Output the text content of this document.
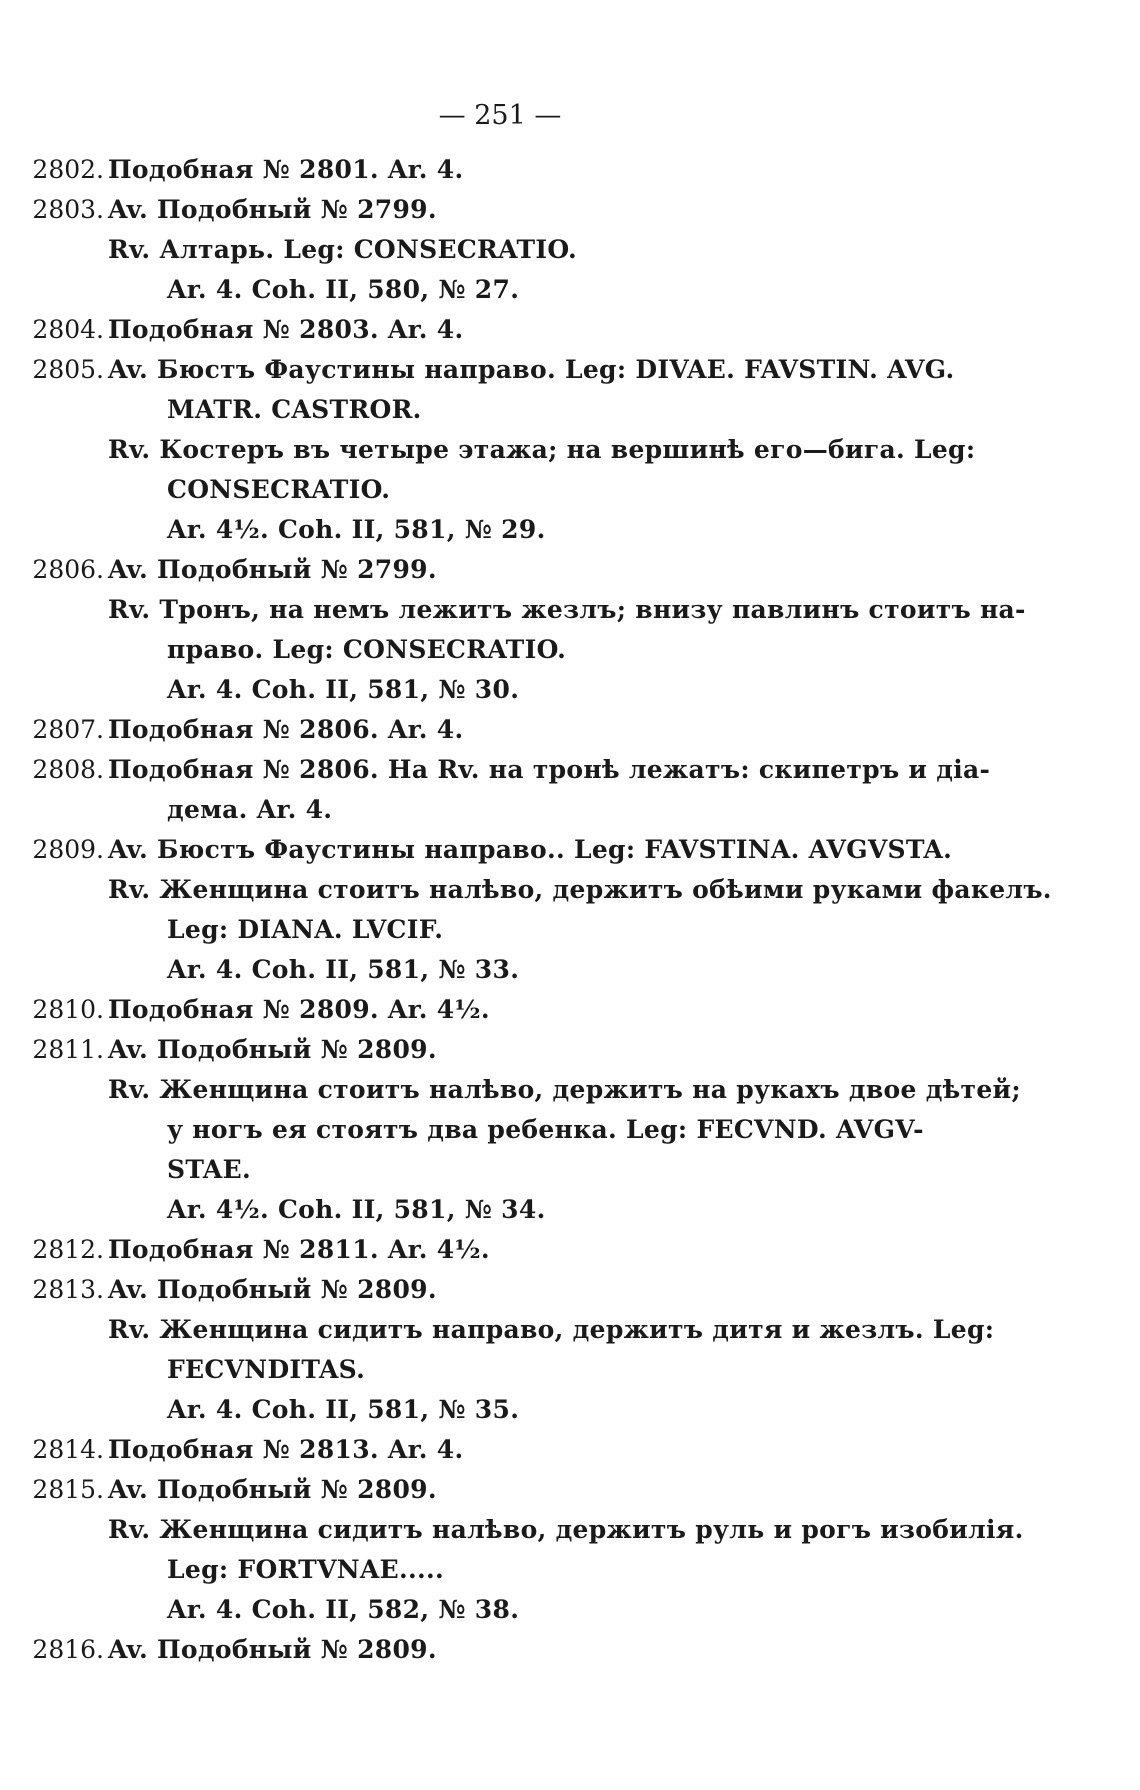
— 251 —
2802. Подобная № 2801. Ar. 4.
2803. Av. Подобный № 2799.
Rv. Алтарь. Leg: CONSECRATIO.
Ar. 4. Coh. II, 580, № 27.
2804. Подобная № 2803. Ar. 4.
2805. Av. Бюстъ Фаустины направо. Leg: DIVAE. FAVSTIN. AVG.
MATR. CASTROR.
Rv. Костеръ въ четыре этажа; на вершинѣ его—бига. Leg:
CONSECRATIO.
Ar. 4½. Coh. II, 581, № 29.
2806. Av. Подобный № 2799.
Rv. Тронъ, на немъ лежитъ жезлъ; внизу павлинъ стоитъ на-
право. Leg: CONSECRATIO.
Ar. 4. Coh. II, 581, № 30.
2807. Подобная № 2806. Ar. 4.
2808. Подобная № 2806. На Rv. на тронѣ лежатъ: скипетръ и діа-
дема. Ar. 4.
2809. Av. Бюстъ Фаустины направо.. Leg: FAVSTINA. AVGVSTA.
Rv. Женщина стоитъ налѣво, держитъ обѣими руками факелъ.
Leg: DIANA. LVCIF.
Ar. 4. Coh. II, 581, № 33.
2810. Подобная № 2809. Ar. 4½.
2811. Av. Подобный № 2809.
Rv. Женщина стоитъ налѣво, держитъ на рукахъ двое дѣтей;
у ногъ ея стоятъ два ребенка. Leg: FECVND. AVGV-
STAE.
Ar. 4½. Coh. II, 581, № 34.
2812. Подобная № 2811. Ar. 4½.
2813. Av. Подобный № 2809.
Rv. Женщина сидитъ направо, держитъ дитя и жезлъ. Leg:
FECVNDITAS.
Ar. 4. Coh. II, 581, № 35.
2814. Подобная № 2813. Ar. 4.
2815. Av. Подобный № 2809.
Rv. Женщина сидитъ налѣво, держитъ руль и рогъ изобилія.
Leg: FORTVNAE.....
Ar. 4. Coh. II, 582, № 38.
2816. Av. Подобный № 2809.
